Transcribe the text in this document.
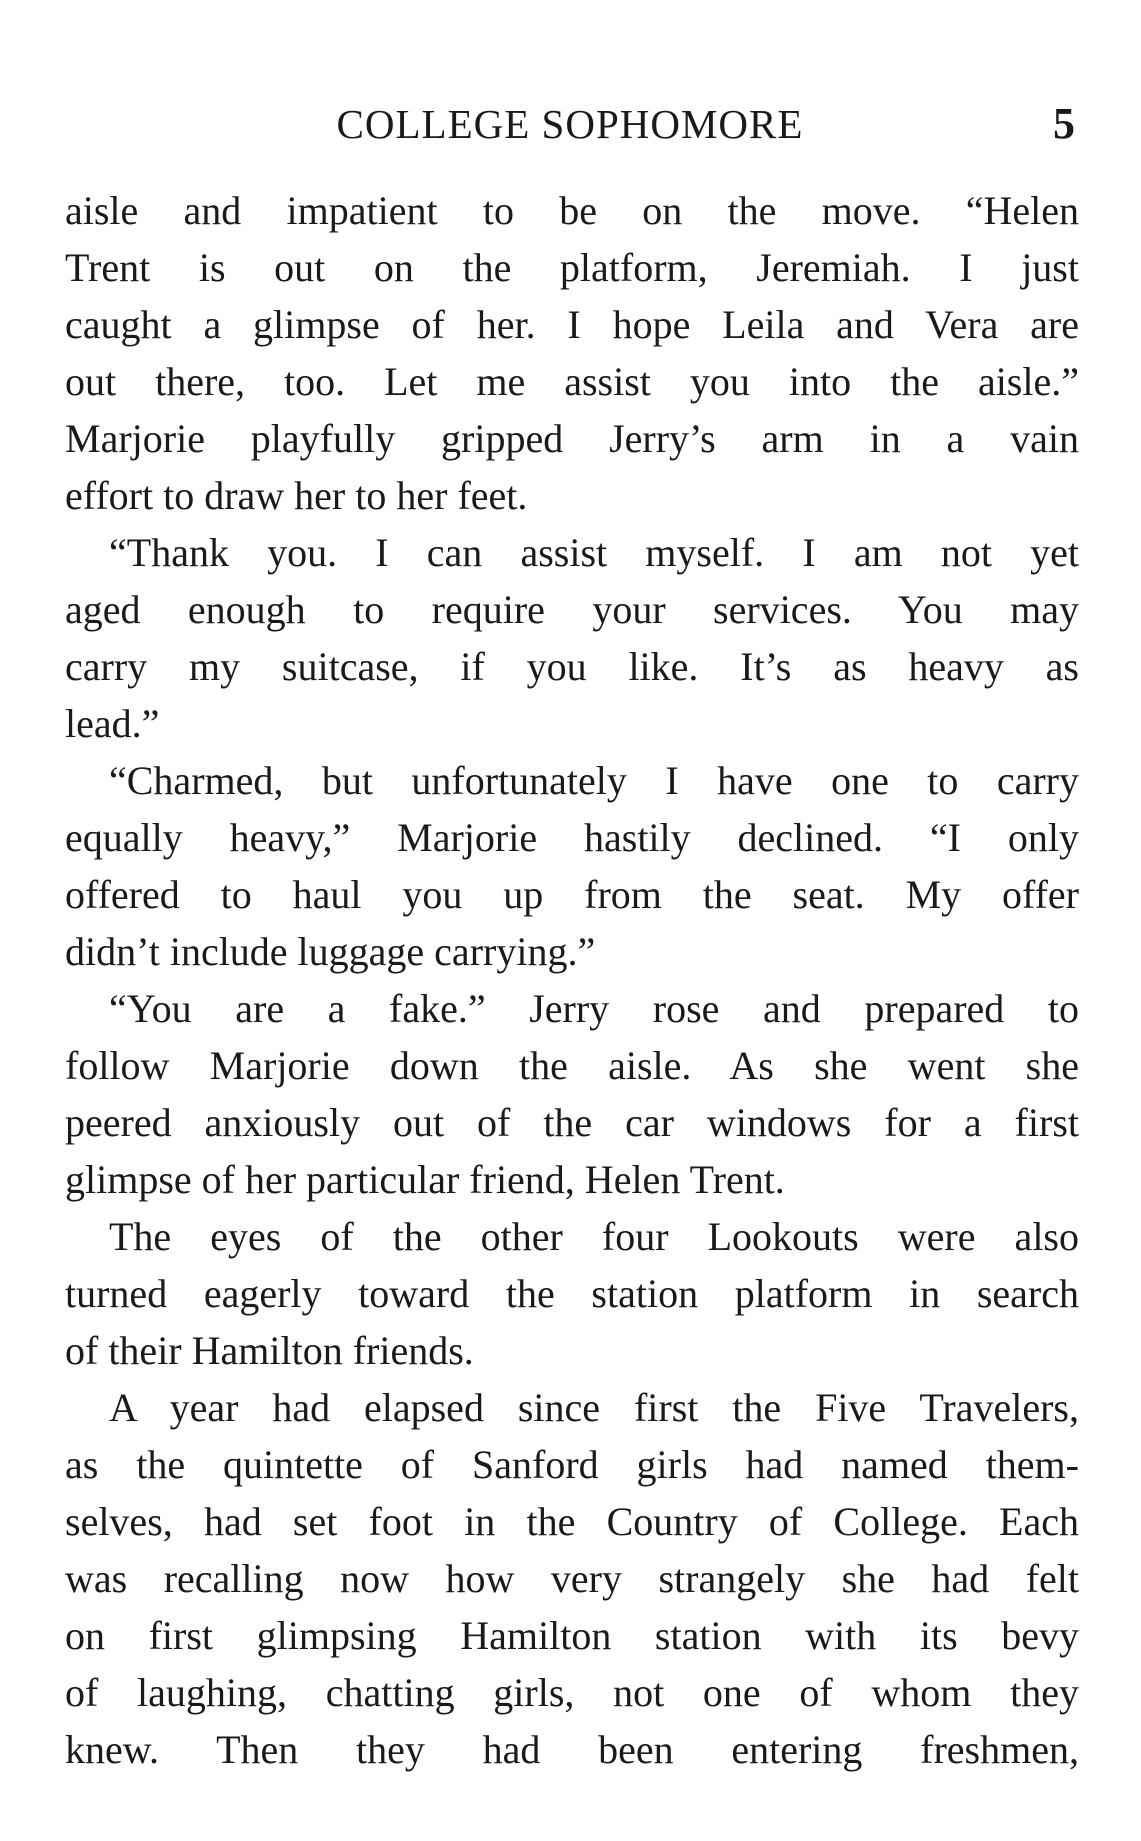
COLLEGE SOPHOMORE	5
aisle and impatient to be on the move. “Helen
Trent is out on the platform, Jeremiah. I just
caught a glimpse of her. I hope Leila and Vera are
out there, too. Let me assist you into the aisle.”
Marjorie playfully gripped Jerry’s arm in a vain
effort to draw her to her feet.
“Thank you. I can assist myself. I am not yet
aged enough to require your services. You may
carry my suitcase, if you like. It’s as heavy as
lead.”
“Charmed, but unfortunately I have one to carry
equally heavy,” Marjorie hastily declined. “I only
offered to haul you up from the seat. My offer
didn’t include luggage carrying.”
“You are a fake.” Jerry rose and prepared to
follow Marjorie down the aisle. As she went she
peered anxiously out of the car windows for a first
glimpse of her particular friend, Helen Trent.
The eyes of the other four Lookouts were also
turned eagerly toward the station platform in search
of their Hamilton friends.
A year had elapsed since first the Five Travelers,
as the quintette of Sanford girls had named them-
selves, had set foot in the Country of College. Each
was recalling now how very strangely she had felt
on first glimpsing Hamilton station with its bevy
of laughing, chatting girls, not one of whom they
knew. Then they had been entering freshmen,
